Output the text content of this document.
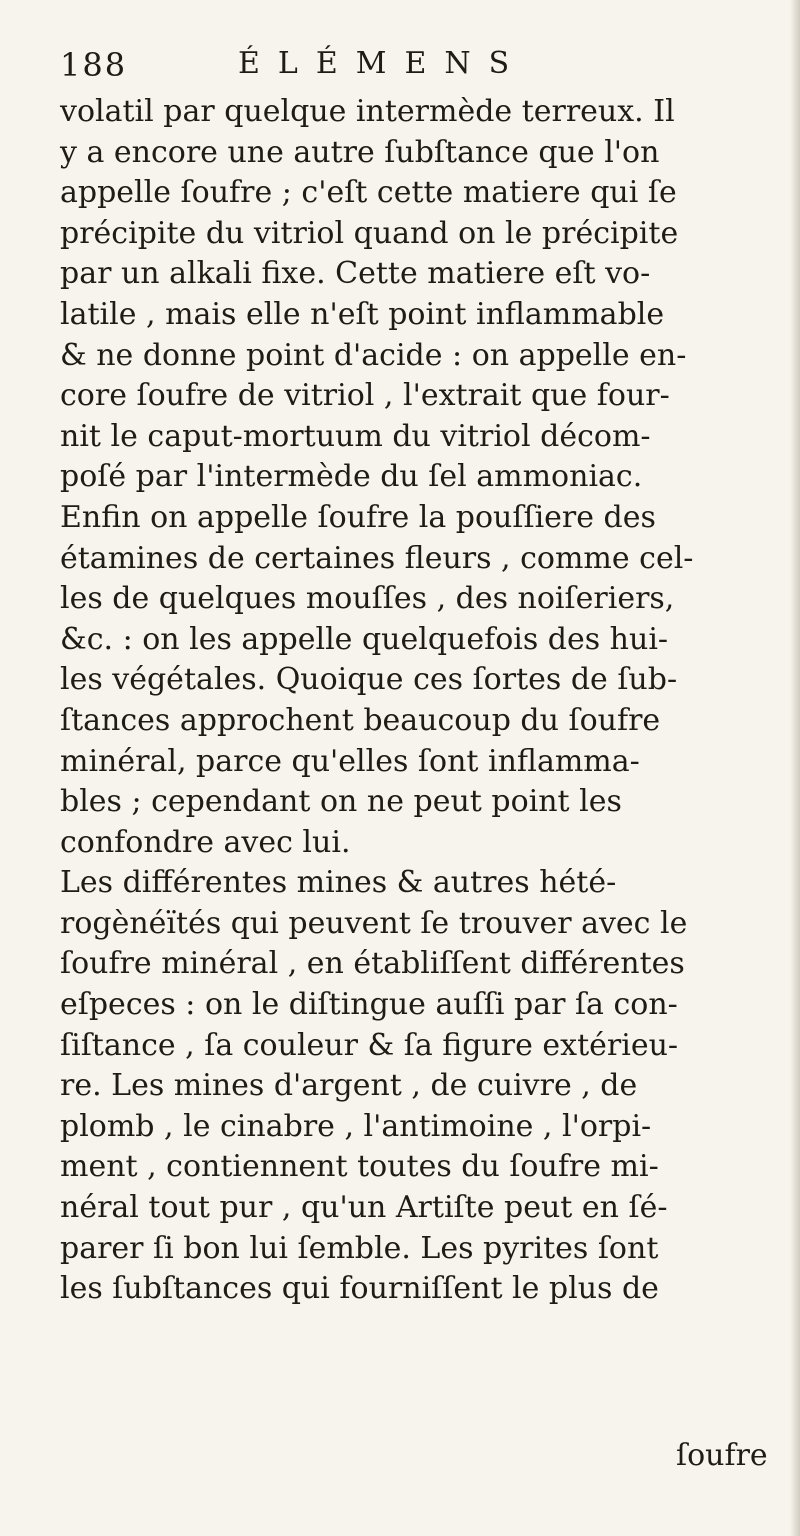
188	ÉLÉMENS
volatil par quelque intermède terreux. Il
y a encore une autre ſubſtance que l'on
appelle ſoufre ; c'eſt cette matiere qui ſe
précipite du vitriol quand on le précipite
par un alkali fixe. Cette matiere eſt vo-
latile , mais elle n'eſt point inflammable
& ne donne point d'acide : on appelle en-
core ſoufre de vitriol , l'extrait que four-
nit le caput-mortuum du vitriol décom-
poſé par l'intermède du ſel ammoniac.
Enfin on appelle ſoufre la pouſſiere des
étamines de certaines fleurs , comme cel-
les de quelques mouſſes , des noiſeriers,
&c. : on les appelle quelquefois des hui-
les végétales. Quoique ces ſortes de ſub-
ſtances approchent beaucoup du ſoufre
minéral, parce qu'elles ſont inflamma-
bles ; cependant on ne peut point les
confondre avec lui.
Les différentes mines & autres hété-
rogènéïtés qui peuvent ſe trouver avec le
ſoufre minéral , en établiſſent différentes
eſpeces : on le diſtingue auſſi par ſa con-
ſiſtance , ſa couleur & ſa figure extérieu-
re. Les mines d'argent , de cuivre , de
plomb , le cinabre , l'antimoine , l'orpi-
ment , contiennent toutes du ſoufre mi-
néral tout pur , qu'un Artiſte peut en ſé-
parer ſi bon lui ſemble. Les pyrites ſont
les ſubſtances qui fourniſſent le plus de
ſoufre
